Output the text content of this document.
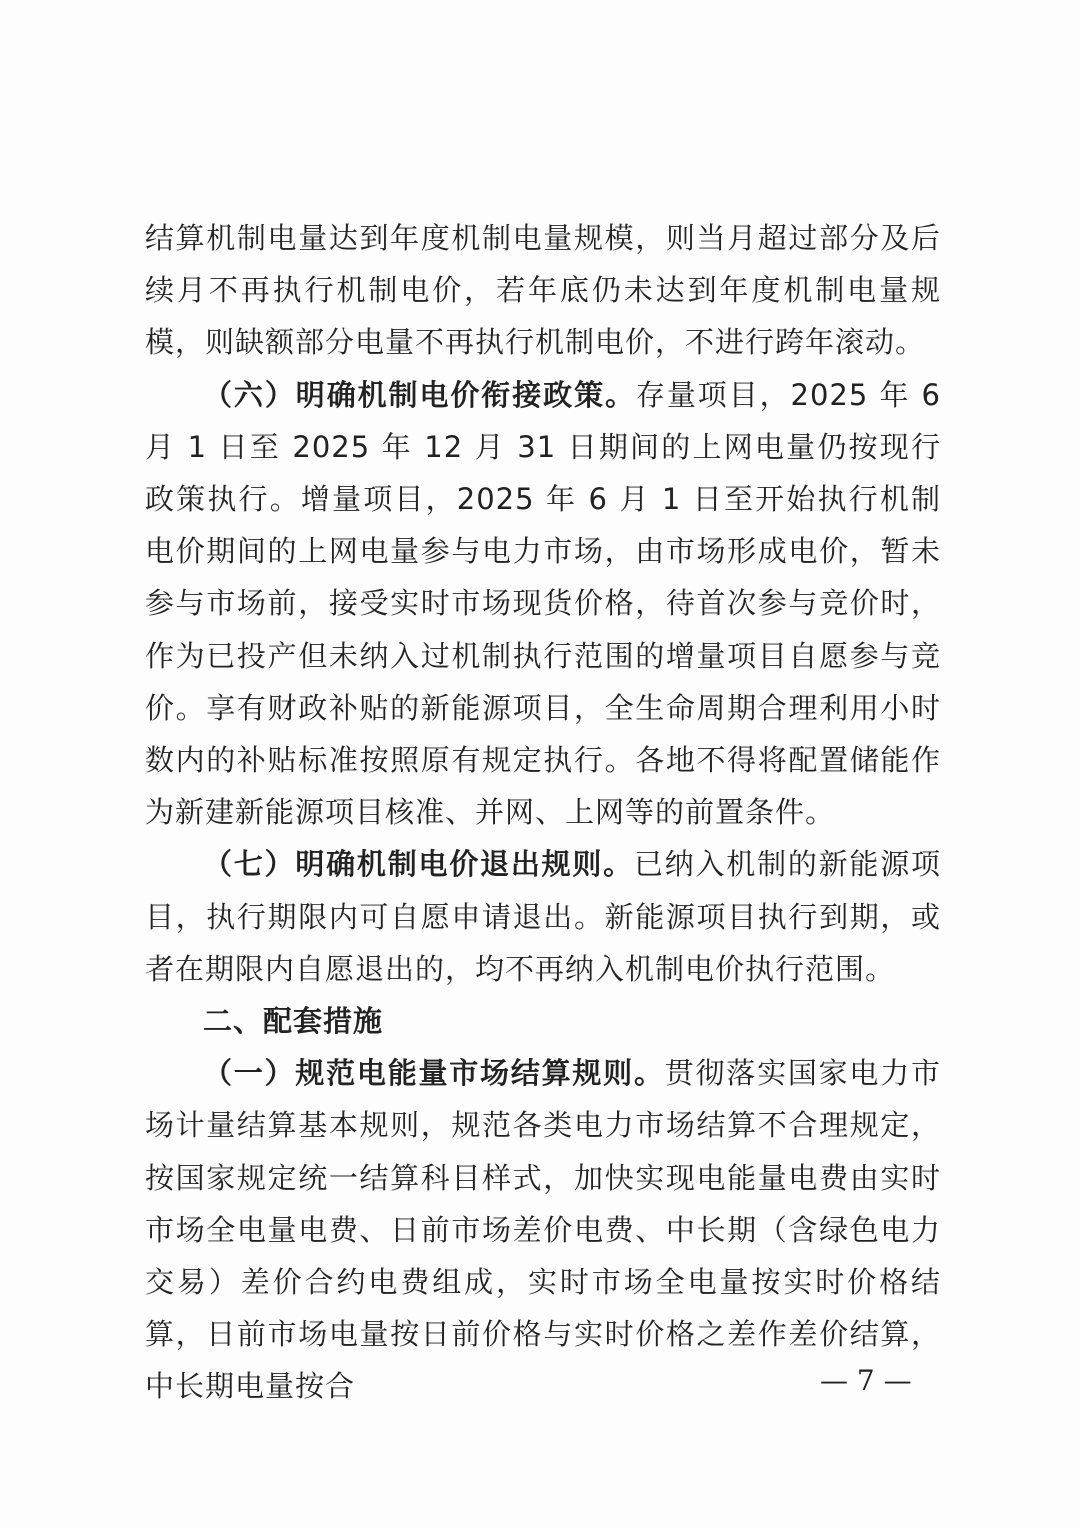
结算机制电量达到年度机制电量规模，则当月超过部分及后续月不再执行机制电价，若年底仍未达到年度机制电量规模，则缺额部分电量不再执行机制电价，不进行跨年滚动。

（六）明确机制电价衔接政策。存量项目，2025 年 6 月 1 日至 2025 年 12 月 31 日期间的上网电量仍按现行政策执行。增量项目，2025 年 6 月 1 日至开始执行机制电价期间的上网电量参与电力市场，由市场形成电价，暂未参与市场前，接受实时市场现货价格，待首次参与竞价时，作为已投产但未纳入过机制执行范围的增量项目自愿参与竞价。享有财政补贴的新能源项目，全生命周期合理利用小时数内的补贴标准按照原有规定执行。各地不得将配置储能作为新建新能源项目核准、并网、上网等的前置条件。

（七）明确机制电价退出规则。已纳入机制的新能源项目，执行期限内可自愿申请退出。新能源项目执行到期，或者在期限内自愿退出的，均不再纳入机制电价执行范围。

二、配套措施

（一）规范电能量市场结算规则。贯彻落实国家电力市场计量结算基本规则，规范各类电力市场结算不合理规定，按国家规定统一结算科目样式，加快实现电能量电费由实时市场全电量电费、日前市场差价电费、中长期（含绿色电力交易）差价合约电费组成，实时市场全电量按实时价格结算，日前市场电量按日前价格与实时价格之差作差价结算，中长期电量按合	— 7 —
